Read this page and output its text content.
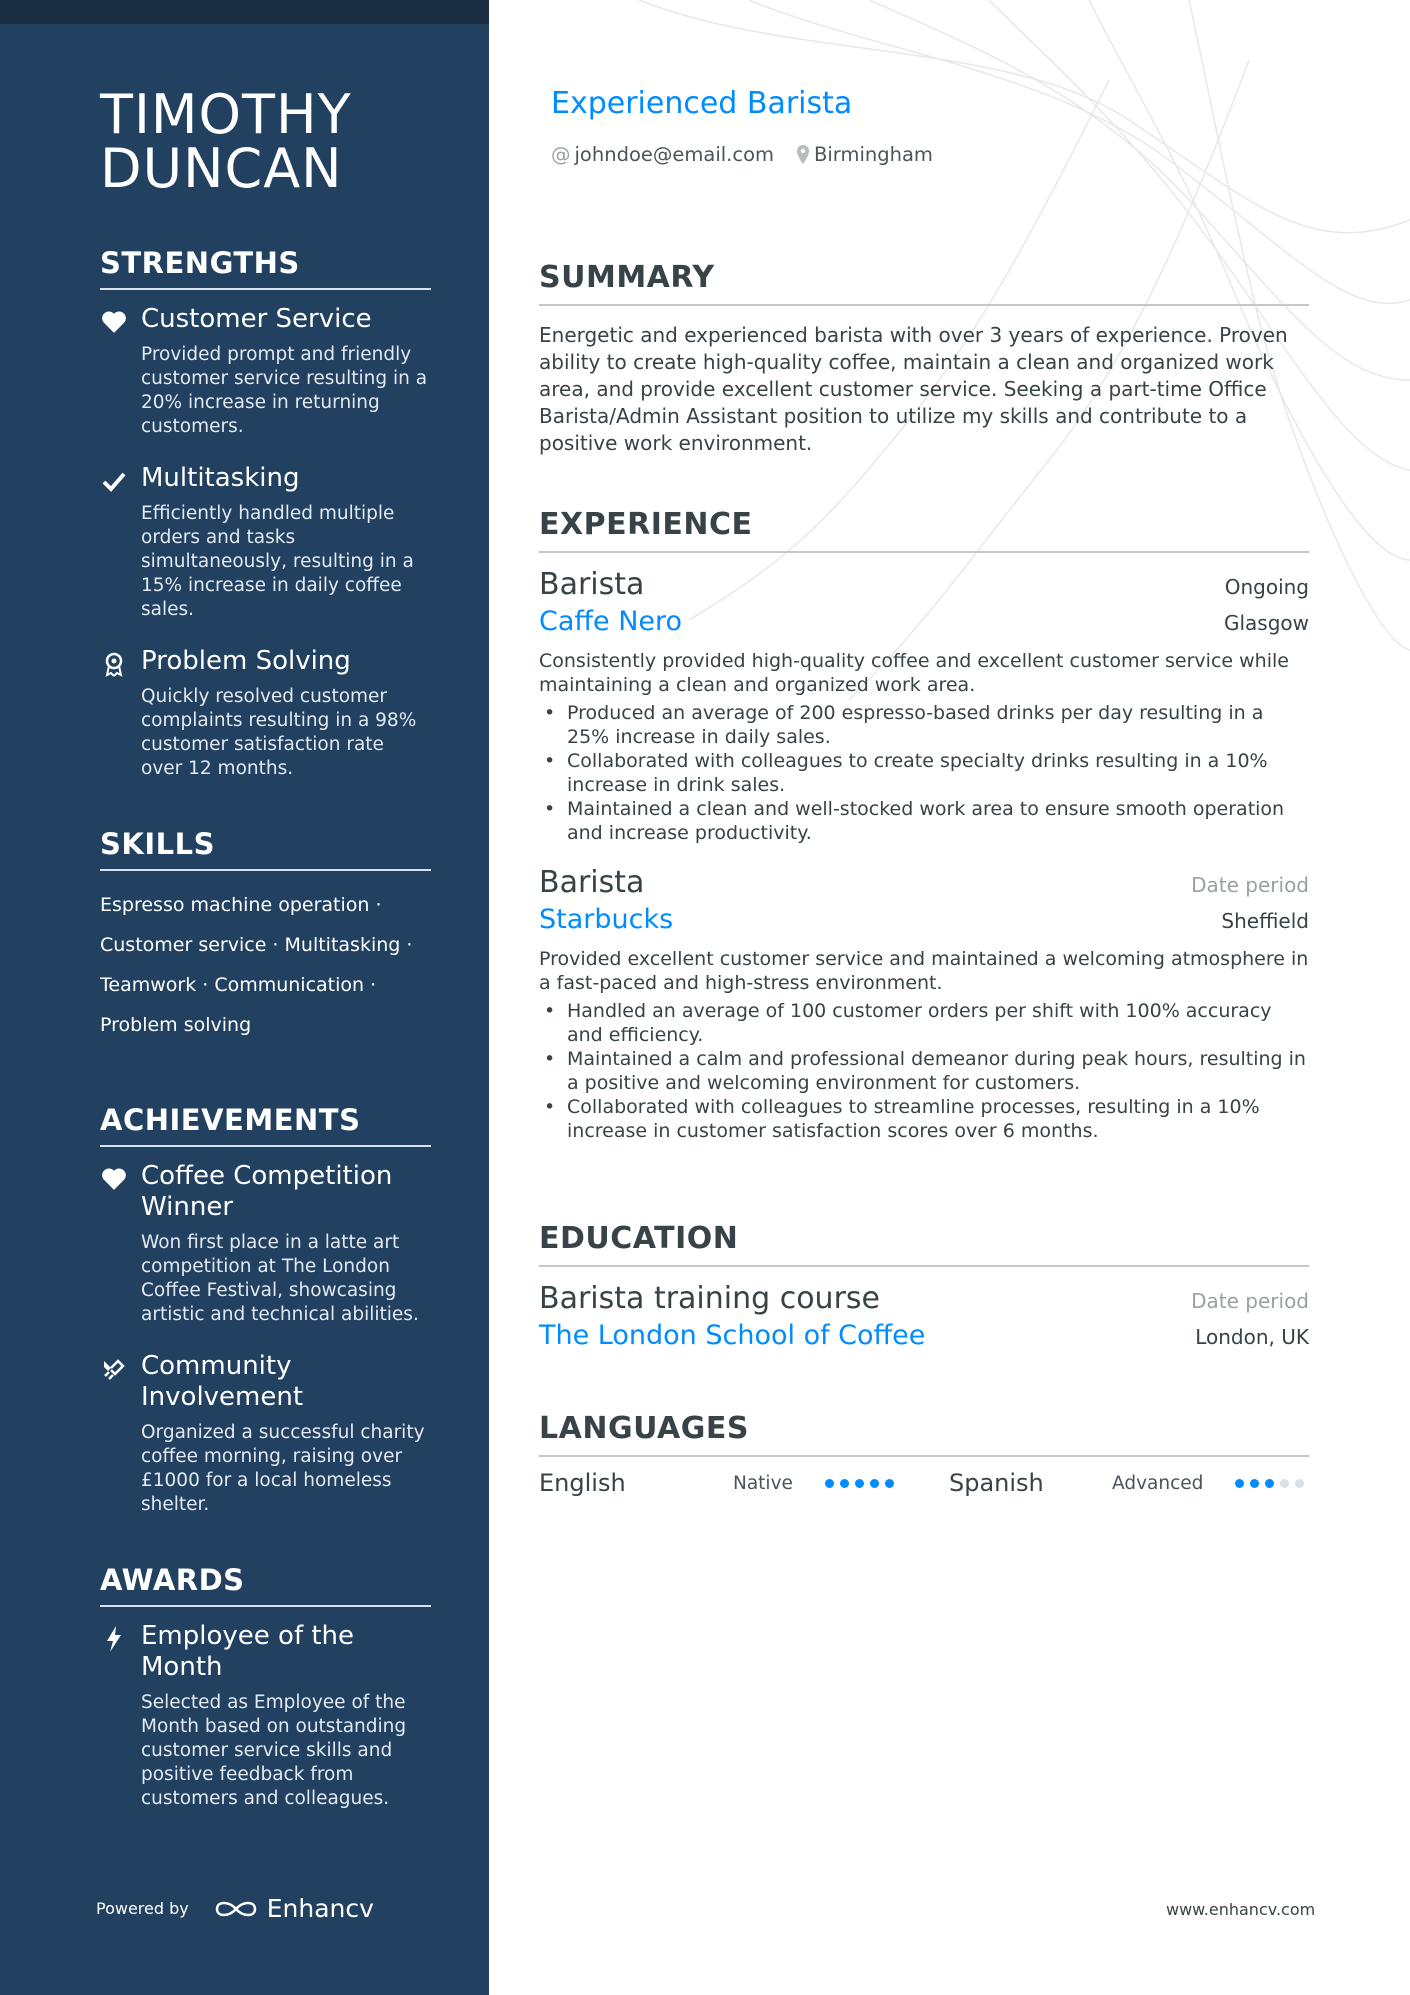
TIMOTHY DUNCAN
STRENGTHS
Customer Service
Provided prompt and friendly customer service resulting in a 20% increase in returning customers.
Multitasking
Efficiently handled multiple orders and tasks simultaneously, resulting in a 15% increase in daily coffee sales.
Problem Solving
Quickly resolved customer complaints resulting in a 98% customer satisfaction rate over 12 months.
SKILLS
Espresso machine operation ·
Customer service · Multitasking ·
Teamwork · Communication ·
Problem solving
ACHIEVEMENTS
Coffee Competition Winner
Won first place in a latte art competition at The London Coffee Festival, showcasing artistic and technical abilities.
Community Involvement
Organized a successful charity coffee morning, raising over £1000 for a local homeless shelter.
AWARDS
Employee of the Month
Selected as Employee of the Month based on outstanding customer service skills and positive feedback from customers and colleagues.
Powered by	Enhancv
Experienced Barista
@ johndoe@email.com Birmingham
SUMMARY
Energetic and experienced barista with over 3 years of experience. Proven ability to create high-quality coffee, maintain a clean and organized work area, and provide excellent customer service. Seeking a part-time Office Barista/Admin Assistant position to utilize my skills and contribute to a positive work environment.
EXPERIENCE
Barista	Ongoing
Caffe Nero	Glasgow
Consistently provided high-quality coffee and excellent customer service while maintaining a clean and organized work area.
• Produced an average of 200 espresso-based drinks per day resulting in a 25% increase in daily sales.
• Collaborated with colleagues to create specialty drinks resulting in a 10% increase in drink sales.
• Maintained a clean and well-stocked work area to ensure smooth operation and increase productivity.
Barista	Date period
Starbucks	Sheffield
Provided excellent customer service and maintained a welcoming atmosphere in a fast-paced and high-stress environment.
• Handled an average of 100 customer orders per shift with 100% accuracy and efficiency.
• Maintained a calm and professional demeanor during peak hours, resulting in a positive and welcoming environment for customers.
• Collaborated with colleagues to streamline processes, resulting in a 10% increase in customer satisfaction scores over 6 months.
EDUCATION
Barista training course	Date period
The London School of Coffee	London, UK
LANGUAGES
English	Native	Spanish	Advanced
www.enhancv.com
